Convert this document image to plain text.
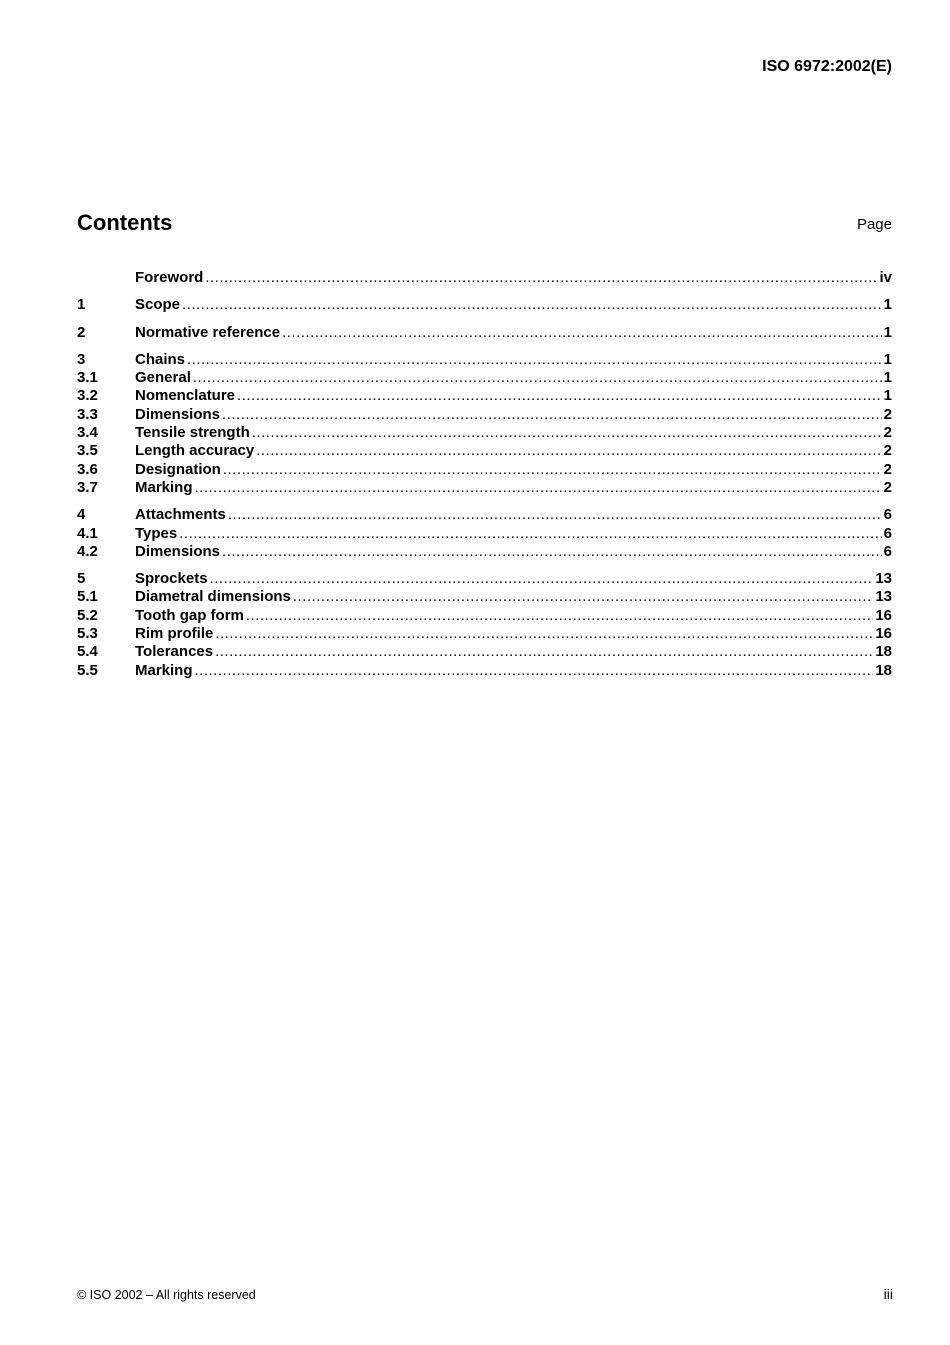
ISO 6972:2002(E)
Contents	Page
Foreword .....	iv
1	Scope .....	1
2	Normative reference .....	1
3	Chains .....	1
3.1	General .....	1
3.2	Nomenclature .....	1
3.3	Dimensions .....	2
3.4	Tensile strength .....	2
3.5	Length accuracy .....	2
3.6	Designation .....	2
3.7	Marking .....	2
4	Attachments .....	6
4.1	Types .....	6
4.2	Dimensions .....	6
5	Sprockets .....	13
5.1	Diametral dimensions .....	13
5.2	Tooth gap form .....	16
5.3	Rim profile .....	16
5.4	Tolerances .....	18
5.5	Marking .....	18
© ISO 2002 – All rights reserved	iii
